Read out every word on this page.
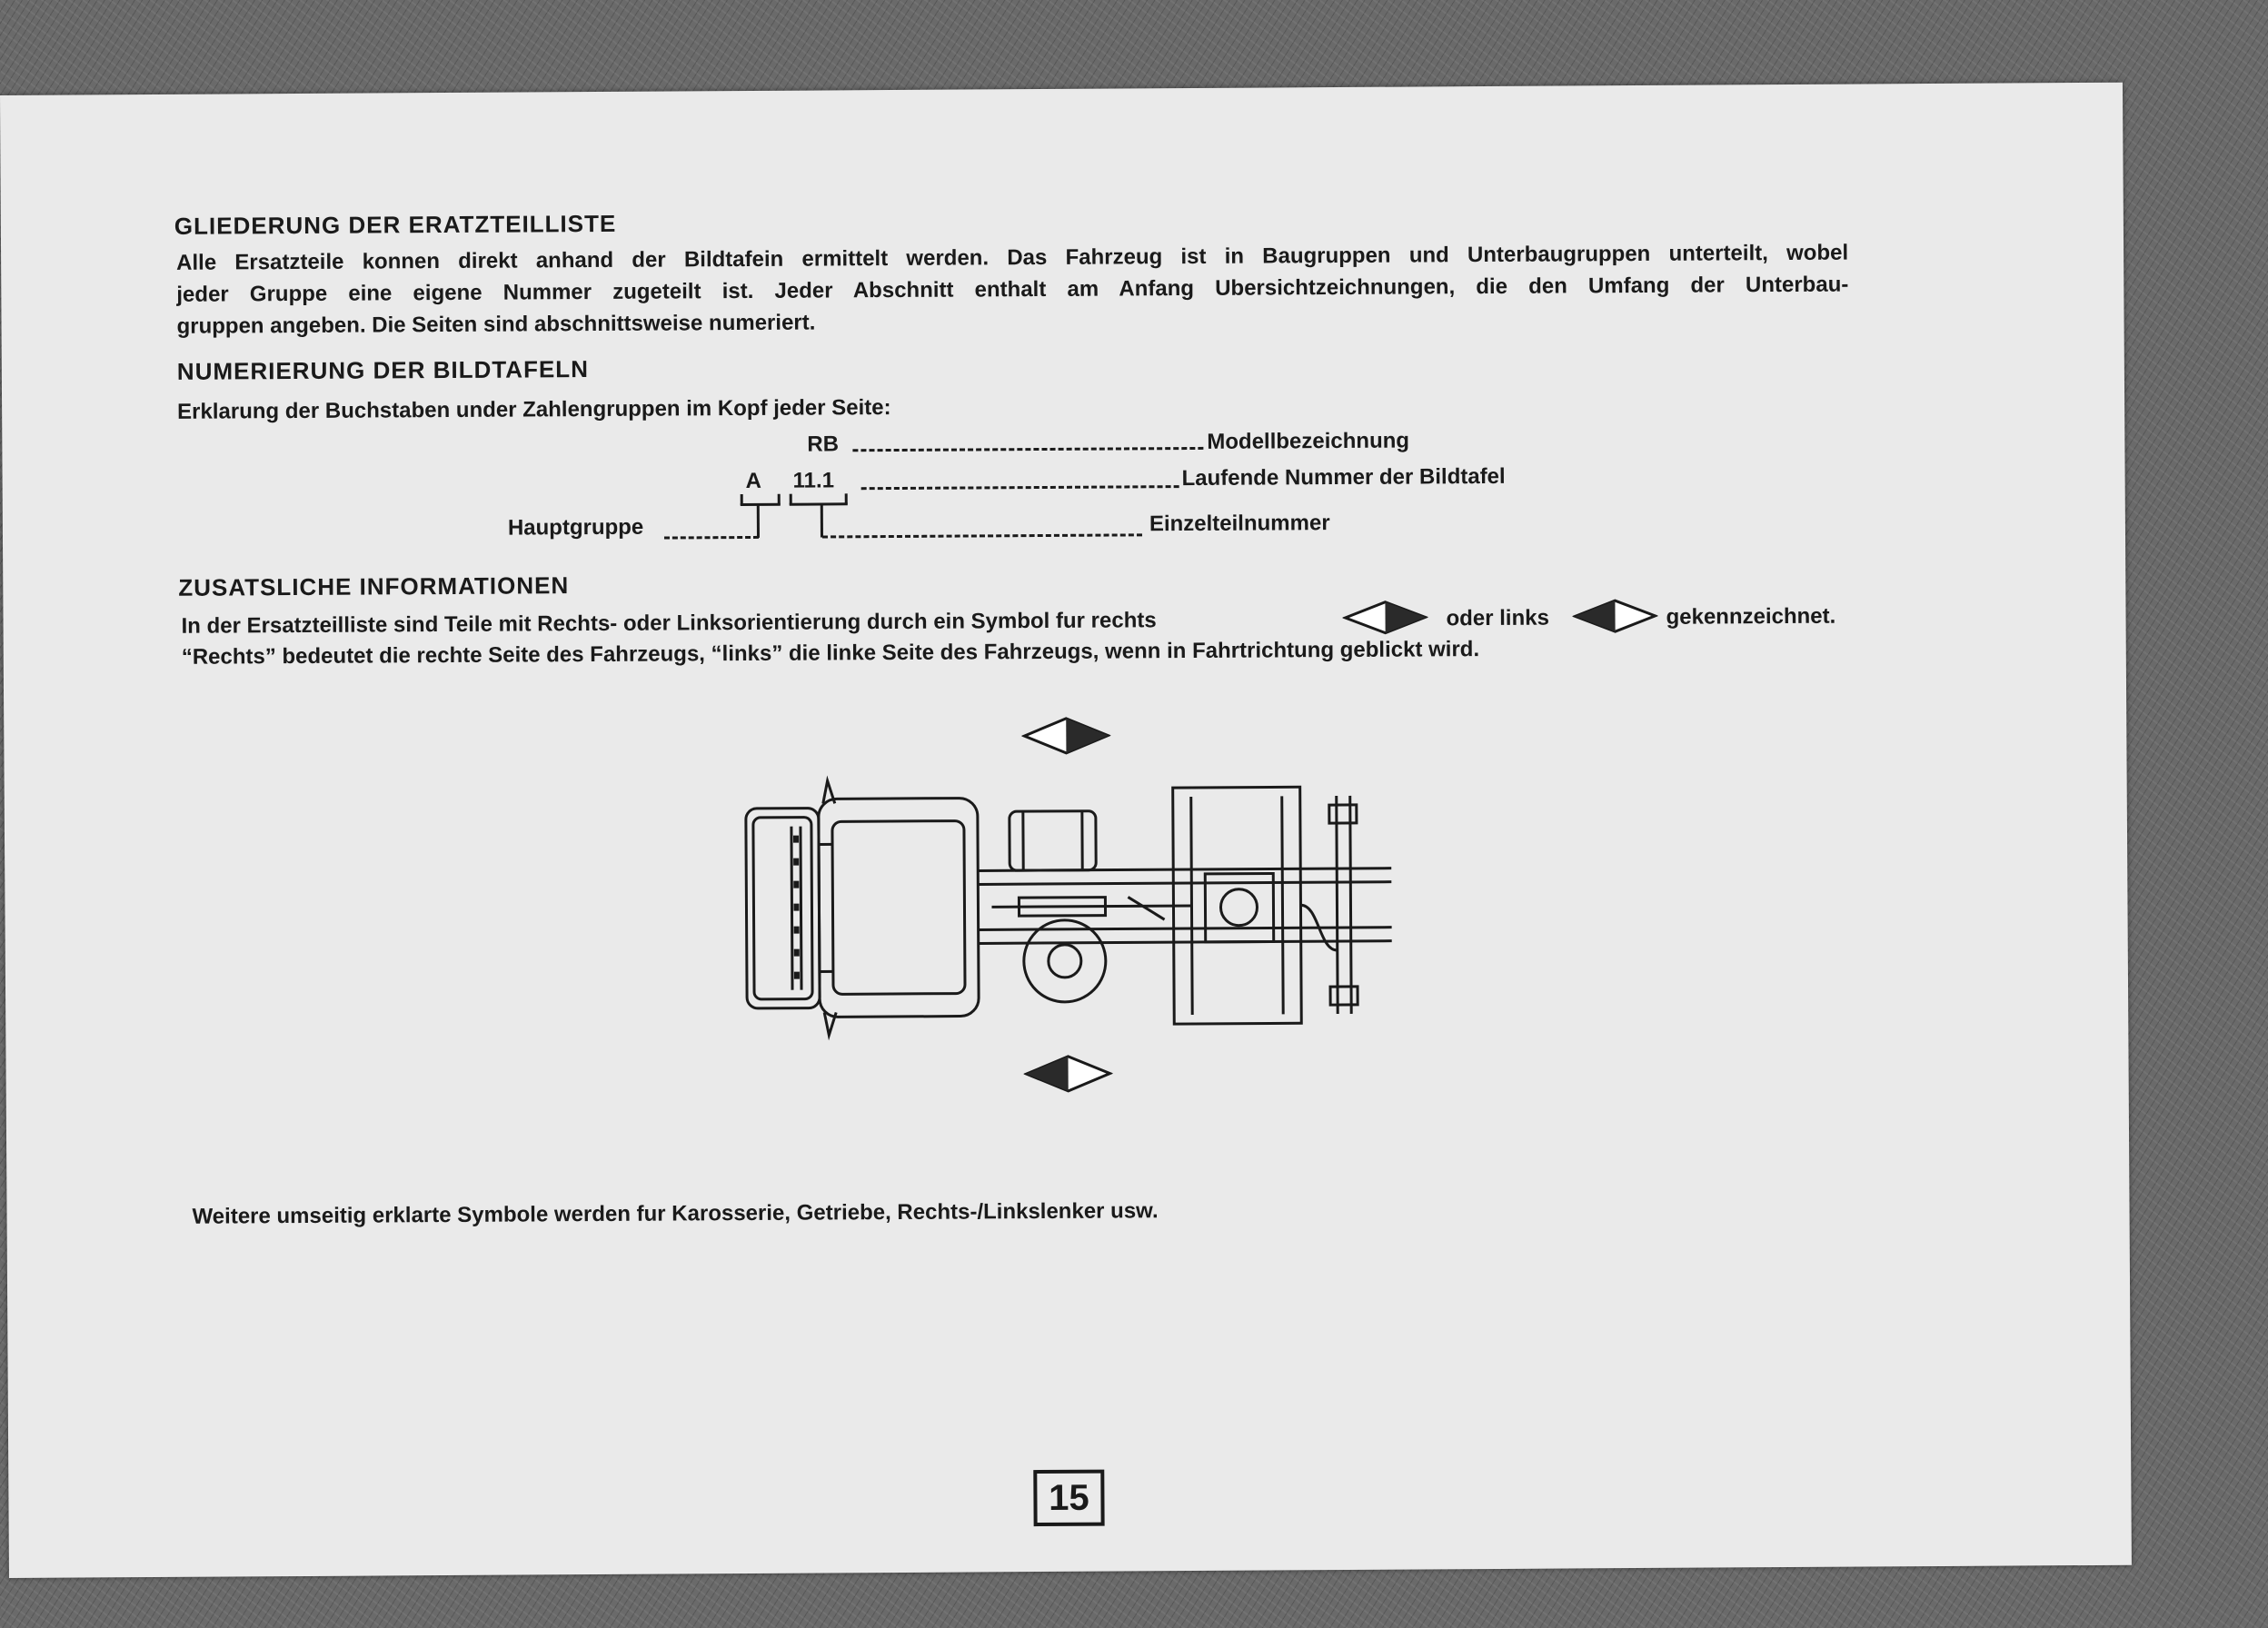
GLIEDERUNG DER ERATZTEILLISTE
Alle Ersatzteile konnen direkt anhand der Bildtafein ermittelt werden. Das Fahrzeug ist in Baugruppen und Unterbaugruppen unterteilt, wobel
jeder Gruppe eine eigene Nummer zugeteilt ist. Jeder Abschnitt enthalt am Anfang Ubersichtzeichnungen, die den Umfang der Unterbau-
gruppen angeben. Die Seiten sind abschnittsweise numeriert.
NUMERIERUNG DER BILDTAFELN
Erklarung der Buchstaben under Zahlengruppen im Kopf jeder Seite:
RB	Modellbezeichnung
A 11.1	Laufende Nummer der Bildtafel
Hauptgruppe	Einzelteilnummer
ZUSATSLICHE INFORMATIONEN
In der Ersatzteilliste sind Teile mit Rechts- oder Linksorientierung durch ein Symbol fur rechts	oder links	gekennzeichnet.
“Rechts” bedeutet die rechte Seite des Fahrzeugs, “links” die linke Seite des Fahrzeugs, wenn in Fahrtrichtung geblickt wird.
Weitere umseitig erklarte Symbole werden fur Karosserie, Getriebe, Rechts-/Linkslenker usw.
15
